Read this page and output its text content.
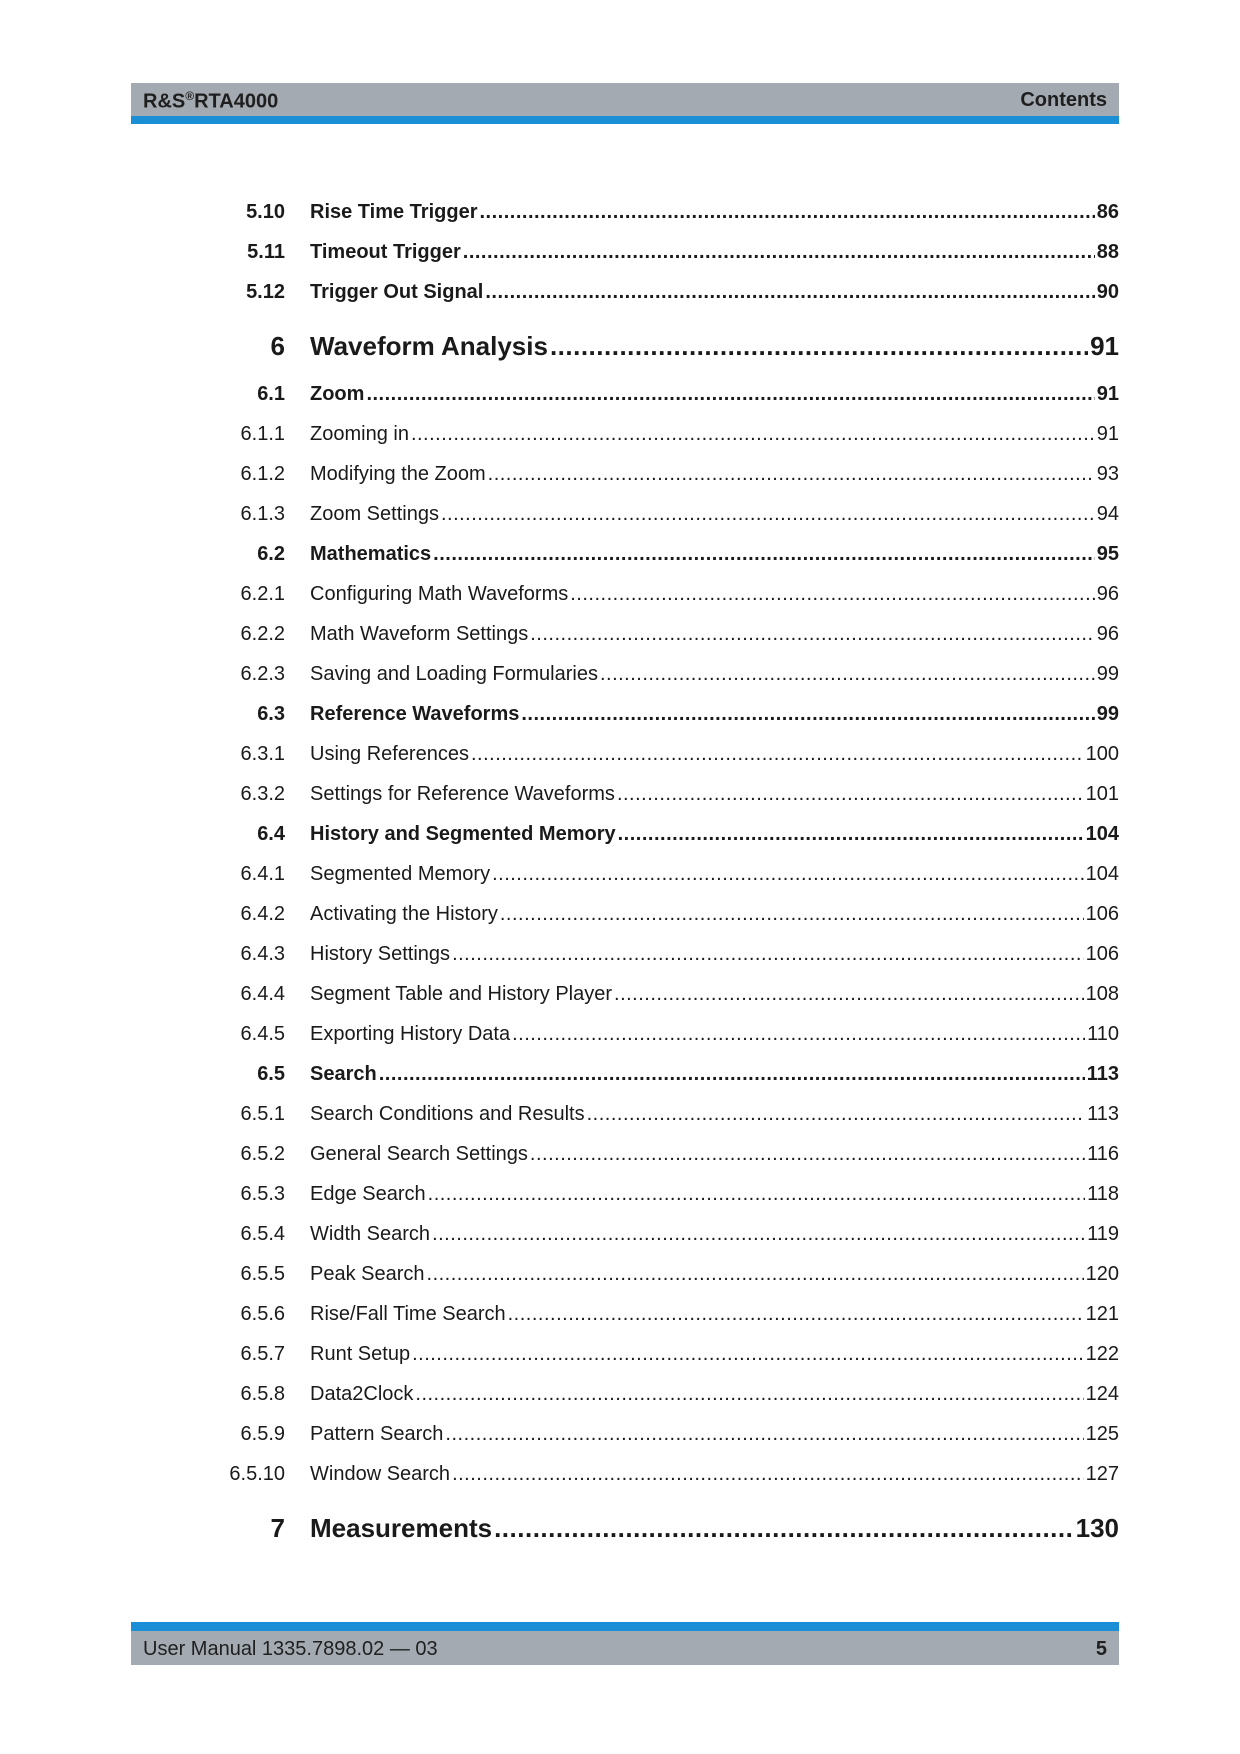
R&S®RTA4000	Contents
5.10 Rise Time Trigger .....	86
5.11 Timeout Trigger .....	88
5.12 Trigger Out Signal .....	90
6 Waveform Analysis .....	91
6.1 Zoom .....	91
6.1.1 Zooming in .....	91
6.1.2 Modifying the Zoom .....	93
6.1.3 Zoom Settings .....	94
6.2 Mathematics .....	95
6.2.1 Configuring Math Waveforms .....	96
6.2.2 Math Waveform Settings .....	96
6.2.3 Saving and Loading Formularies .....	99
6.3 Reference Waveforms .....	99
6.3.1 Using References .....	100
6.3.2 Settings for Reference Waveforms .....	101
6.4 History and Segmented Memory .....	104
6.4.1 Segmented Memory .....	104
6.4.2 Activating the History .....	106
6.4.3 History Settings .....	106
6.4.4 Segment Table and History Player .....	108
6.4.5 Exporting History Data .....	110
6.5 Search .....	113
6.5.1 Search Conditions and Results .....	113
6.5.2 General Search Settings .....	116
6.5.3 Edge Search .....	118
6.5.4 Width Search .....	119
6.5.5 Peak Search .....	120
6.5.6 Rise/Fall Time Search .....	121
6.5.7 Runt Setup .....	122
6.5.8 Data2Clock .....	124
6.5.9 Pattern Search .....	125
6.5.10 Window Search .....	127
7 Measurements .....	130
User Manual 1335.7898.02 ― 03	5
